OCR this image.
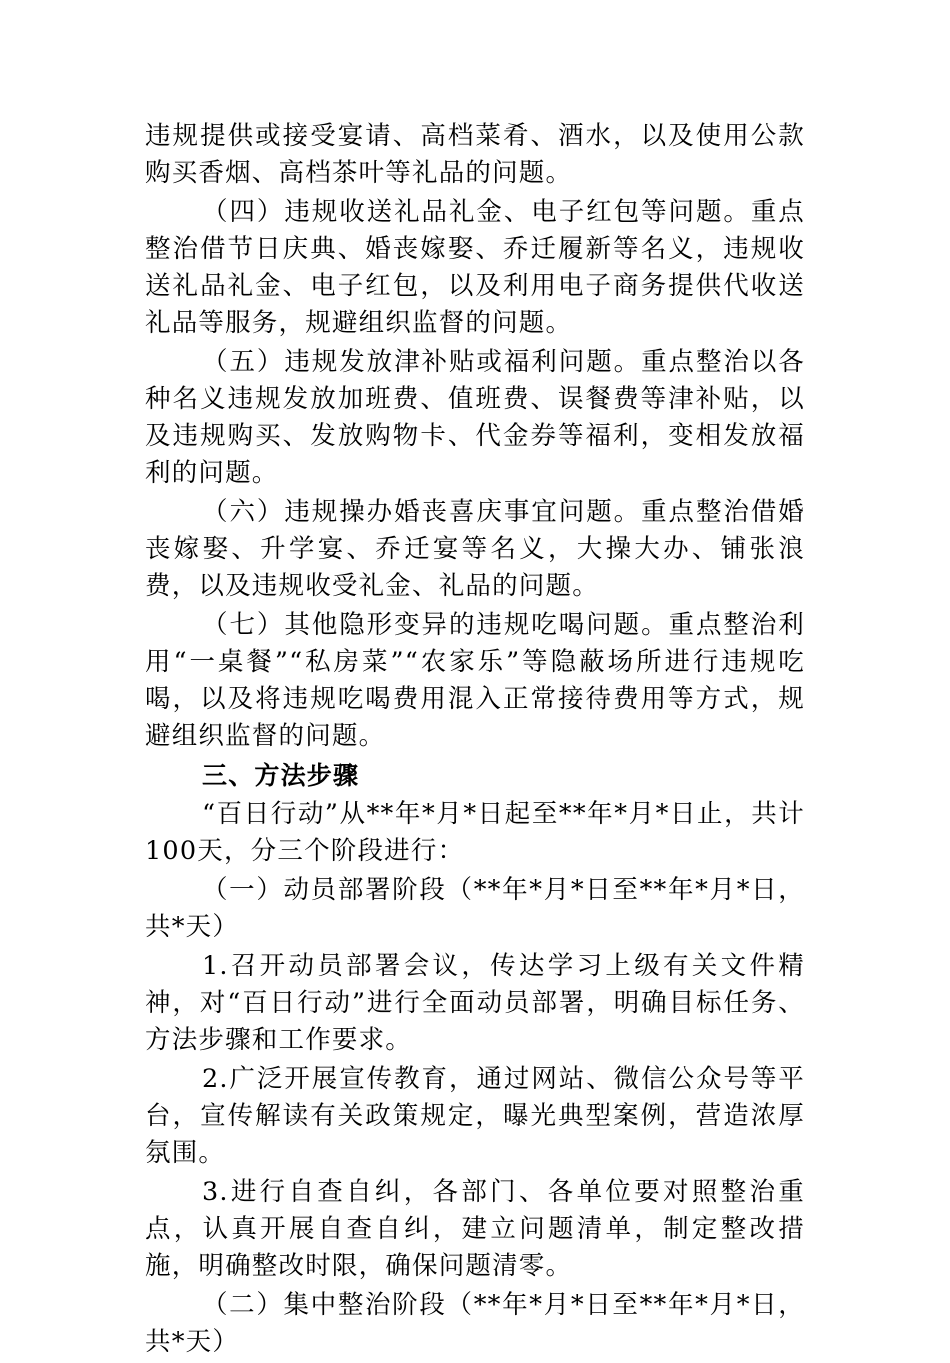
违规提供或接受宴请、高档菜肴、酒水，以及使用公款购买香烟、高档茶叶等礼品的问题。

（四）违规收送礼品礼金、电子红包等问题。重点整治借节日庆典、婚丧嫁娶、乔迁履新等名义，违规收送礼品礼金、电子红包，以及利用电子商务提供代收送礼品等服务，规避组织监督的问题。

（五）违规发放津补贴或福利问题。重点整治以各种名义违规发放加班费、值班费、误餐费等津补贴，以及违规购买、发放购物卡、代金券等福利，变相发放福利的问题。

（六）违规操办婚丧喜庆事宜问题。重点整治借婚丧嫁娶、升学宴、乔迁宴等名义，大操大办、铺张浪费，以及违规收受礼金、礼品的问题。

（七）其他隐形变异的违规吃喝问题。重点整治利用“一桌餐”“私房菜”“农家乐”等隐蔽场所进行违规吃喝，以及将违规吃喝费用混入正常接待费用等方式，规避组织监督的问题。

三、方法步骤

“百日行动”从**年*月*日起至**年*月*日止，共计100天，分三个阶段进行：

（一）动员部署阶段（**年*月*日至**年*月*日，共*天）

1.召开动员部署会议，传达学习上级有关文件精神，对“百日行动”进行全面动员部署，明确目标任务、方法步骤和工作要求。

2.广泛开展宣传教育，通过网站、微信公众号等平台，宣传解读有关政策规定，曝光典型案例，营造浓厚氛围。

3.进行自查自纠，各部门、各单位要对照整治重点，认真开展自查自纠，建立问题清单，制定整改措施，明确整改时限，确保问题清零。

（二）集中整治阶段（**年*月*日至**年*月*日，共*天）
